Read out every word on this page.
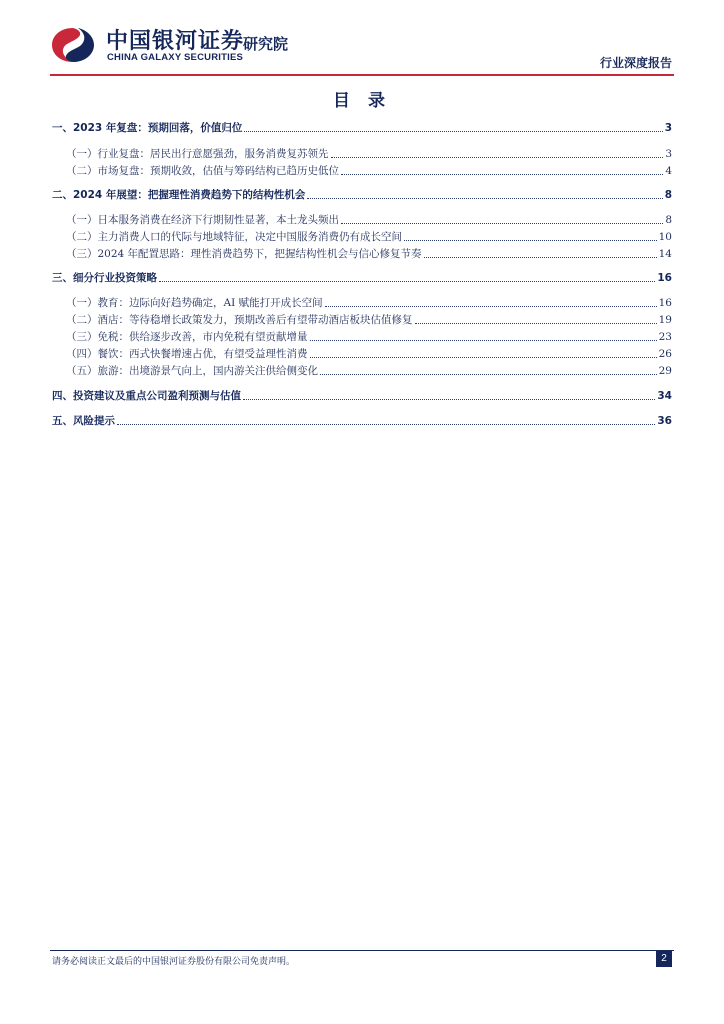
中国银河证券
CHINA GALAXY SECURITIES
研究院
行业深度报告
目 录
一、2023 年复盘：预期回落，价值归位	3
（一）行业复盘：居民出行意愿强劲，服务消费复苏领先	3
（二）市场复盘：预期收敛，估值与筹码结构已趋历史低位	4
二、2024 年展望：把握理性消费趋势下的结构性机会	8
（一）日本服务消费在经济下行期韧性显著，本土龙头频出	8
（二）主力消费人口的代际与地域特征，决定中国服务消费仍有成长空间	10
（三）2024 年配置思路：理性消费趋势下，把握结构性机会与信心修复节奏	14
三、细分行业投资策略	16
（一）教育：边际向好趋势确定，AI 赋能打开成长空间	16
（二）酒店：等待稳增长政策发力，预期改善后有望带动酒店板块估值修复	19
（三）免税：供给逐步改善，市内免税有望贡献增量	23
（四）餐饮：西式快餐增速占优，有望受益理性消费	26
（五）旅游：出境游景气向上，国内游关注供给侧变化	29
四、投资建议及重点公司盈利预测与估值	34
五、风险提示	36
请务必阅读正文最后的中国银河证券股份有限公司免责声明。	2
